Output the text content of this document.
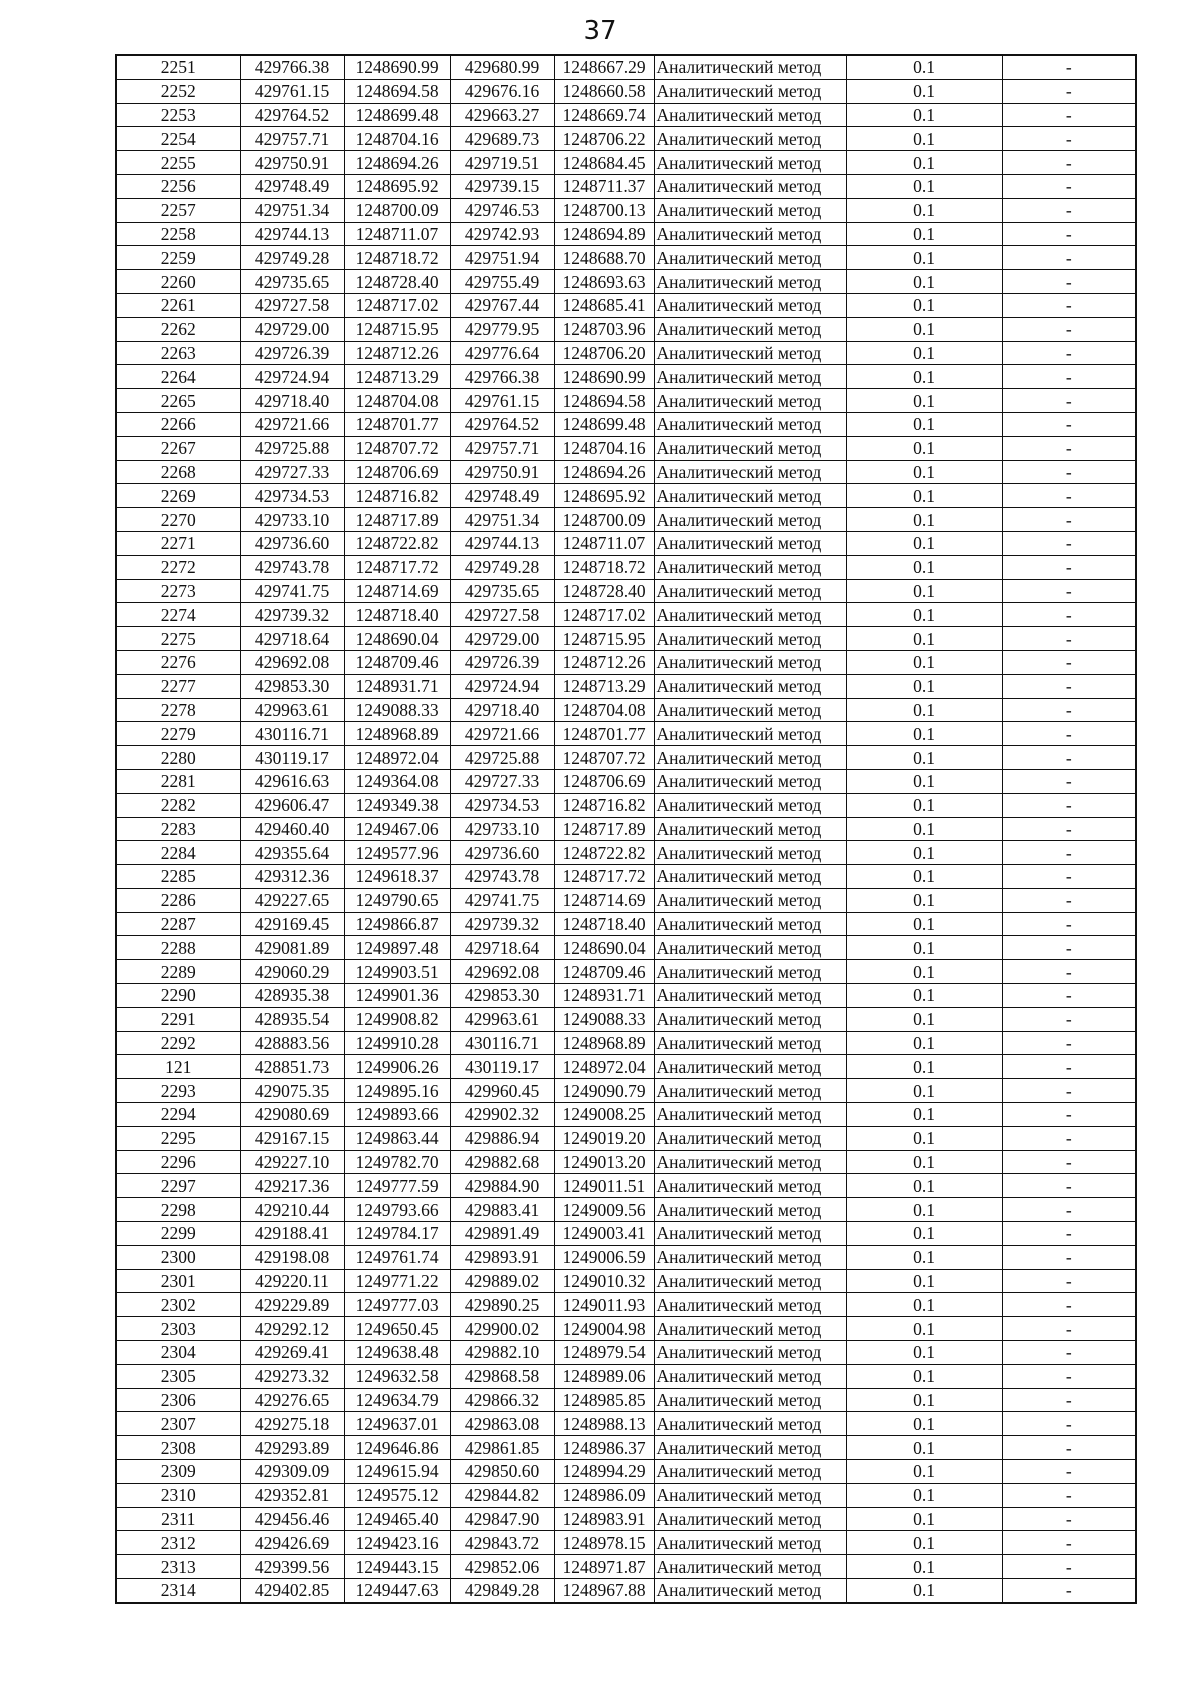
37
2251	429766.38	1248690.99	429680.99	1248667.29	Аналитический метод	0.1	-
2252	429761.15	1248694.58	429676.16	1248660.58	Аналитический метод	0.1	-
2253	429764.52	1248699.48	429663.27	1248669.74	Аналитический метод	0.1	-
2254	429757.71	1248704.16	429689.73	1248706.22	Аналитический метод	0.1	-
2255	429750.91	1248694.26	429719.51	1248684.45	Аналитический метод	0.1	-
2256	429748.49	1248695.92	429739.15	1248711.37	Аналитический метод	0.1	-
2257	429751.34	1248700.09	429746.53	1248700.13	Аналитический метод	0.1	-
2258	429744.13	1248711.07	429742.93	1248694.89	Аналитический метод	0.1	-
2259	429749.28	1248718.72	429751.94	1248688.70	Аналитический метод	0.1	-
2260	429735.65	1248728.40	429755.49	1248693.63	Аналитический метод	0.1	-
2261	429727.58	1248717.02	429767.44	1248685.41	Аналитический метод	0.1	-
2262	429729.00	1248715.95	429779.95	1248703.96	Аналитический метод	0.1	-
2263	429726.39	1248712.26	429776.64	1248706.20	Аналитический метод	0.1	-
2264	429724.94	1248713.29	429766.38	1248690.99	Аналитический метод	0.1	-
2265	429718.40	1248704.08	429761.15	1248694.58	Аналитический метод	0.1	-
2266	429721.66	1248701.77	429764.52	1248699.48	Аналитический метод	0.1	-
2267	429725.88	1248707.72	429757.71	1248704.16	Аналитический метод	0.1	-
2268	429727.33	1248706.69	429750.91	1248694.26	Аналитический метод	0.1	-
2269	429734.53	1248716.82	429748.49	1248695.92	Аналитический метод	0.1	-
2270	429733.10	1248717.89	429751.34	1248700.09	Аналитический метод	0.1	-
2271	429736.60	1248722.82	429744.13	1248711.07	Аналитический метод	0.1	-
2272	429743.78	1248717.72	429749.28	1248718.72	Аналитический метод	0.1	-
2273	429741.75	1248714.69	429735.65	1248728.40	Аналитический метод	0.1	-
2274	429739.32	1248718.40	429727.58	1248717.02	Аналитический метод	0.1	-
2275	429718.64	1248690.04	429729.00	1248715.95	Аналитический метод	0.1	-
2276	429692.08	1248709.46	429726.39	1248712.26	Аналитический метод	0.1	-
2277	429853.30	1248931.71	429724.94	1248713.29	Аналитический метод	0.1	-
2278	429963.61	1249088.33	429718.40	1248704.08	Аналитический метод	0.1	-
2279	430116.71	1248968.89	429721.66	1248701.77	Аналитический метод	0.1	-
2280	430119.17	1248972.04	429725.88	1248707.72	Аналитический метод	0.1	-
2281	429616.63	1249364.08	429727.33	1248706.69	Аналитический метод	0.1	-
2282	429606.47	1249349.38	429734.53	1248716.82	Аналитический метод	0.1	-
2283	429460.40	1249467.06	429733.10	1248717.89	Аналитический метод	0.1	-
2284	429355.64	1249577.96	429736.60	1248722.82	Аналитический метод	0.1	-
2285	429312.36	1249618.37	429743.78	1248717.72	Аналитический метод	0.1	-
2286	429227.65	1249790.65	429741.75	1248714.69	Аналитический метод	0.1	-
2287	429169.45	1249866.87	429739.32	1248718.40	Аналитический метод	0.1	-
2288	429081.89	1249897.48	429718.64	1248690.04	Аналитический метод	0.1	-
2289	429060.29	1249903.51	429692.08	1248709.46	Аналитический метод	0.1	-
2290	428935.38	1249901.36	429853.30	1248931.71	Аналитический метод	0.1	-
2291	428935.54	1249908.82	429963.61	1249088.33	Аналитический метод	0.1	-
2292	428883.56	1249910.28	430116.71	1248968.89	Аналитический метод	0.1	-
121	428851.73	1249906.26	430119.17	1248972.04	Аналитический метод	0.1	-
2293	429075.35	1249895.16	429960.45	1249090.79	Аналитический метод	0.1	-
2294	429080.69	1249893.66	429902.32	1249008.25	Аналитический метод	0.1	-
2295	429167.15	1249863.44	429886.94	1249019.20	Аналитический метод	0.1	-
2296	429227.10	1249782.70	429882.68	1249013.20	Аналитический метод	0.1	-
2297	429217.36	1249777.59	429884.90	1249011.51	Аналитический метод	0.1	-
2298	429210.44	1249793.66	429883.41	1249009.56	Аналитический метод	0.1	-
2299	429188.41	1249784.17	429891.49	1249003.41	Аналитический метод	0.1	-
2300	429198.08	1249761.74	429893.91	1249006.59	Аналитический метод	0.1	-
2301	429220.11	1249771.22	429889.02	1249010.32	Аналитический метод	0.1	-
2302	429229.89	1249777.03	429890.25	1249011.93	Аналитический метод	0.1	-
2303	429292.12	1249650.45	429900.02	1249004.98	Аналитический метод	0.1	-
2304	429269.41	1249638.48	429882.10	1248979.54	Аналитический метод	0.1	-
2305	429273.32	1249632.58	429868.58	1248989.06	Аналитический метод	0.1	-
2306	429276.65	1249634.79	429866.32	1248985.85	Аналитический метод	0.1	-
2307	429275.18	1249637.01	429863.08	1248988.13	Аналитический метод	0.1	-
2308	429293.89	1249646.86	429861.85	1248986.37	Аналитический метод	0.1	-
2309	429309.09	1249615.94	429850.60	1248994.29	Аналитический метод	0.1	-
2310	429352.81	1249575.12	429844.82	1248986.09	Аналитический метод	0.1	-
2311	429456.46	1249465.40	429847.90	1248983.91	Аналитический метод	0.1	-
2312	429426.69	1249423.16	429843.72	1248978.15	Аналитический метод	0.1	-
2313	429399.56	1249443.15	429852.06	1248971.87	Аналитический метод	0.1	-
2314	429402.85	1249447.63	429849.28	1248967.88	Аналитический метод	0.1	-
